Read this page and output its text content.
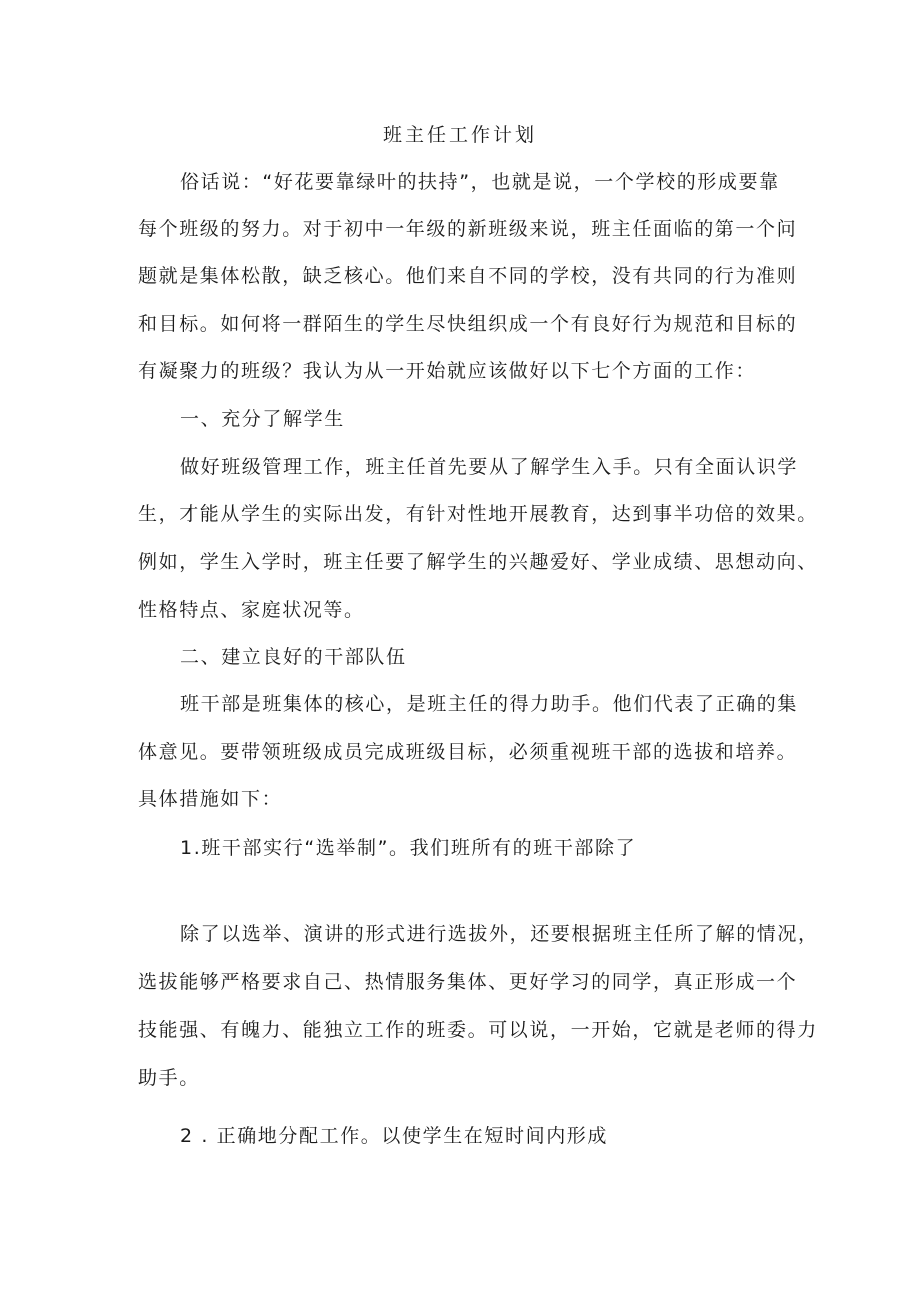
班主任工作计划
俗话说：“好花要靠绿叶的扶持”，也就是说，一个学校的形成要靠
每个班级的努力。对于初中一年级的新班级来说，班主任面临的第一个问
题就是集体松散，缺乏核心。他们来自不同的学校，没有共同的行为准则
和目标。如何将一群陌生的学生尽快组织成一个有良好行为规范和目标的
有凝聚力的班级？我认为从一开始就应该做好以下七个方面的工作：
一、充分了解学生
做好班级管理工作，班主任首先要从了解学生入手。只有全面认识学
生，才能从学生的实际出发，有针对性地开展教育，达到事半功倍的效果。
例如，学生入学时，班主任要了解学生的兴趣爱好、学业成绩、思想动向、
性格特点、家庭状况等。
二、建立良好的干部队伍
班干部是班集体的核心，是班主任的得力助手。他们代表了正确的集
体意见。要带领班级成员完成班级目标，必须重视班干部的选拔和培养。
具体措施如下：
1.班干部实行“选举制”。我们班所有的班干部除了
除了以选举、演讲的形式进行选拔外，还要根据班主任所了解的情况，
选拔能够严格要求自己、热情服务集体、更好学习的同学，真正形成一个
技能强、有魄力、能独立工作的班委。可以说，一开始，它就是老师的得力
助手。
2 . 正确地分配工作。以使学生在短时间内形成
